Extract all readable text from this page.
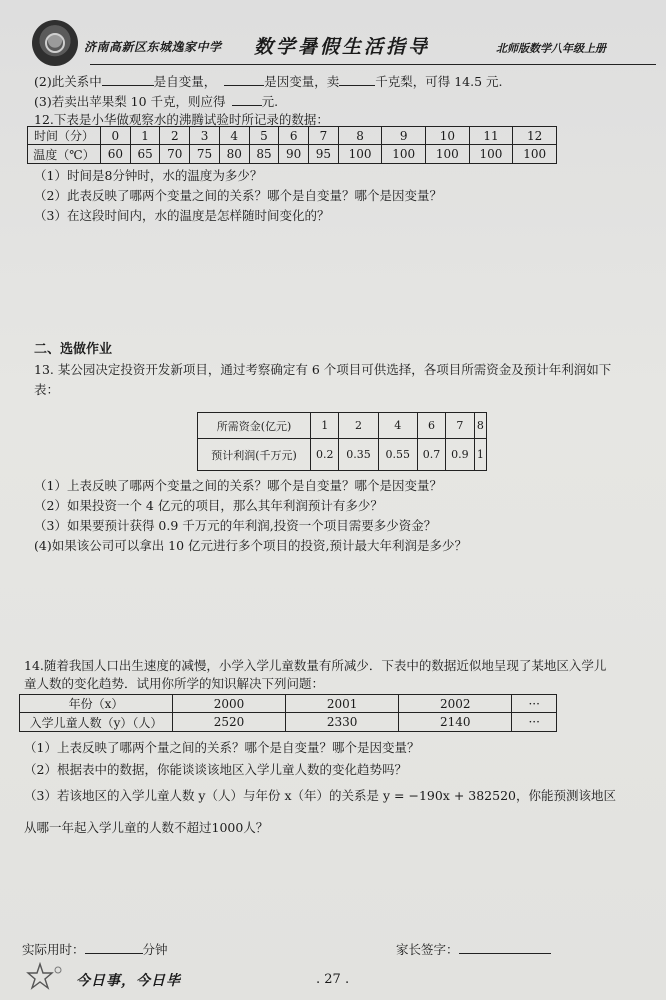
济南高新区东城逸家中学 数学暑假生活指导	北师版数学八年级上册
(2)此关系中	是自变量，	是因变量，卖	千克梨，可得 14.5 元.
(3)若卖出苹果梨 10 千克，则应得	元.
12.下表是小华做观察水的沸腾试验时所记录的数据：
时间（分）	0	1	2	3	4	5	6	7	8	9	10	11	12
温度（℃）	60	65	70	75	80	85	90	95	100	100	100	100	100
（1）时间是8分钟时，水的温度为多少？
（2）此表反映了哪两个变量之间的关系？哪个是自变量？哪个是因变量？
（3）在这段时间内，水的温度是怎样随时间变化的？
二、选做作业
13. 某公园决定投资开发新项目，通过考察确定有 6 个项目可供选择，各项目所需资金及预计年利润如下
表：
所需资金(亿元)	1	2	4	6	7	8
预计利润(千万元)	0.2	0.35	0.55	0.7	0.9	1
（1）上表反映了哪两个变量之间的关系？哪个是自变量？哪个是因变量？
（2）如果投资一个 4 亿元的项目，那么其年利润预计有多少？
（3）如果要预计获得 0.9 千万元的年利润,投资一个项目需要多少资金？
(4)如果该公司可以拿出 10 亿元进行多个项目的投资,预计最大年利润是多少？
14.随着我国人口出生速度的减慢，小学入学儿童数量有所减少．下表中的数据近似地呈现了某地区入学儿
童人数的变化趋势．试用你所学的知识解决下列问题：
年份（x）	2000	2001	2002	···
入学儿童人数（y）（人）	2520	2330	2140	···
（1）上表反映了哪两个量之间的关系？哪个是自变量？哪个是因变量？
（2）根据表中的数据，你能谈谈该地区入学儿童人数的变化趋势吗？
（3）若该地区的入学儿童人数 y（人）与年份 x（年）的关系是 y = −190x + 382520，你能预测该地区
从哪一年起入学儿童的人数不超过1000人？
实际用时：	分钟	家长签字：
今日事，今日毕	. 27 .
